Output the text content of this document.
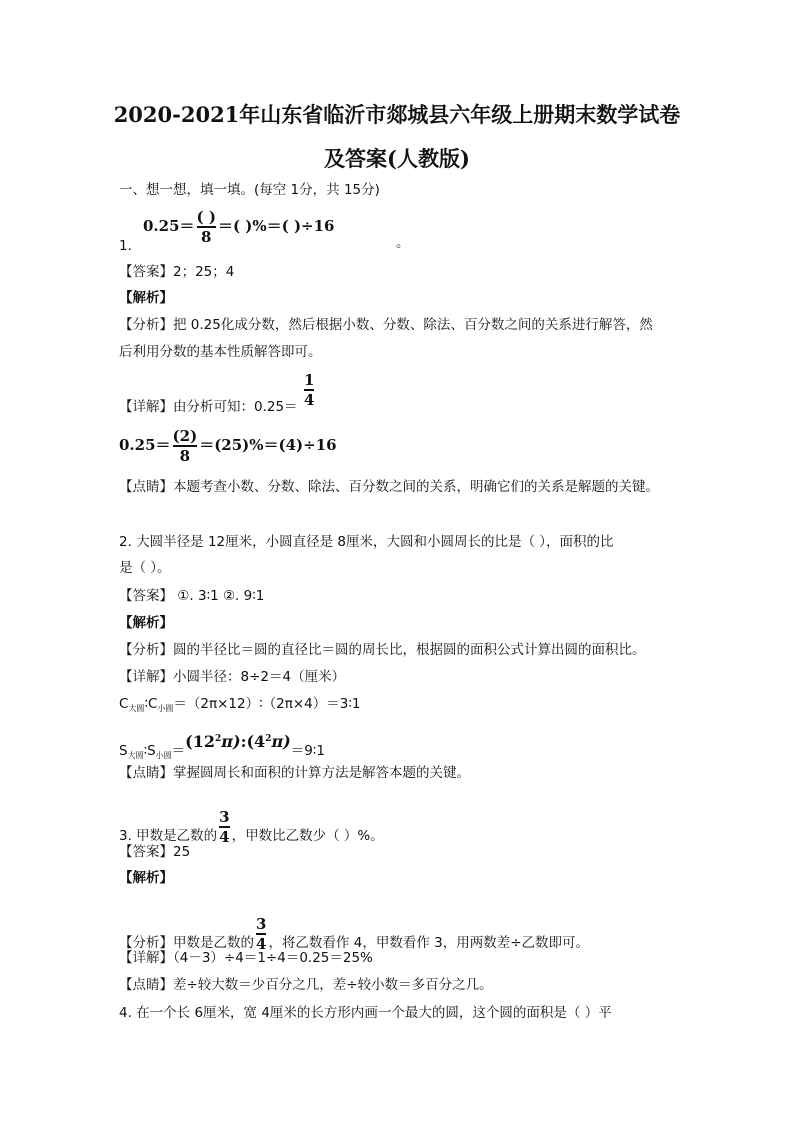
2020-2021年山东省临沂市郯城县六年级上册期末数学试卷
及答案(人教版)
一、想一想，填一填。(每空 1分，共 15分)
$0.25= \frac{( )}{8}$ ＝( )%＝( )÷16
1.	。
【答案】2；25；4
【解析】
【分析】把 0.25化成分数，然后根据小数、分数、除法、百分数之间的关系进行解答，然
后利用分数的基本性质解答即可。
【详解】由分析可知：$0.25= \frac{1}{4}$
$0.25= \frac{(2)}{8} =(25)\%=(4)\div 16$
【点睛】本题考查小数、分数、除法、百分数之间的关系，明确它们的关系是解题的关键。
2. 大圆半径是 12厘米，小圆直径是 8厘米，大圆和小圆周长的比是（ ），面积的比
是（ ）。
【答案】 ①. 3∶1 ②. 9∶1
【解析】
【分析】圆的半径比＝圆的直径比＝圆的周长比，根据圆的面积公式计算出圆的面积比。
【详解】小圆半径：8÷2＝4（厘米）
$C_{大圆}∶C_{小圆}=(2\pi\times 12)∶(2\pi\times 4)=3∶1$
$S_{大圆}∶S_{小圆}=(12^2\pi):(4^2\pi)=9∶1$
【点睛】掌握圆周长和面积的计算方法是解答本题的关键。
3. 甲数是乙数的 $\frac{3}{4}$ ，甲数比乙数少（ ）%。
【答案】25
【解析】
【分析】甲数是乙数的 $\frac{3}{4}$ ，将乙数看作 4，甲数看作 3，用两数差÷乙数即可。
【详解】（4－3）÷4＝1÷4＝0.25＝25%
【点睛】差÷较大数＝少百分之几，差÷较小数＝多百分之几。
4. 在一个长 6厘米，宽 4厘米的长方形内画一个最大的圆，这个圆的面积是（ ）平
